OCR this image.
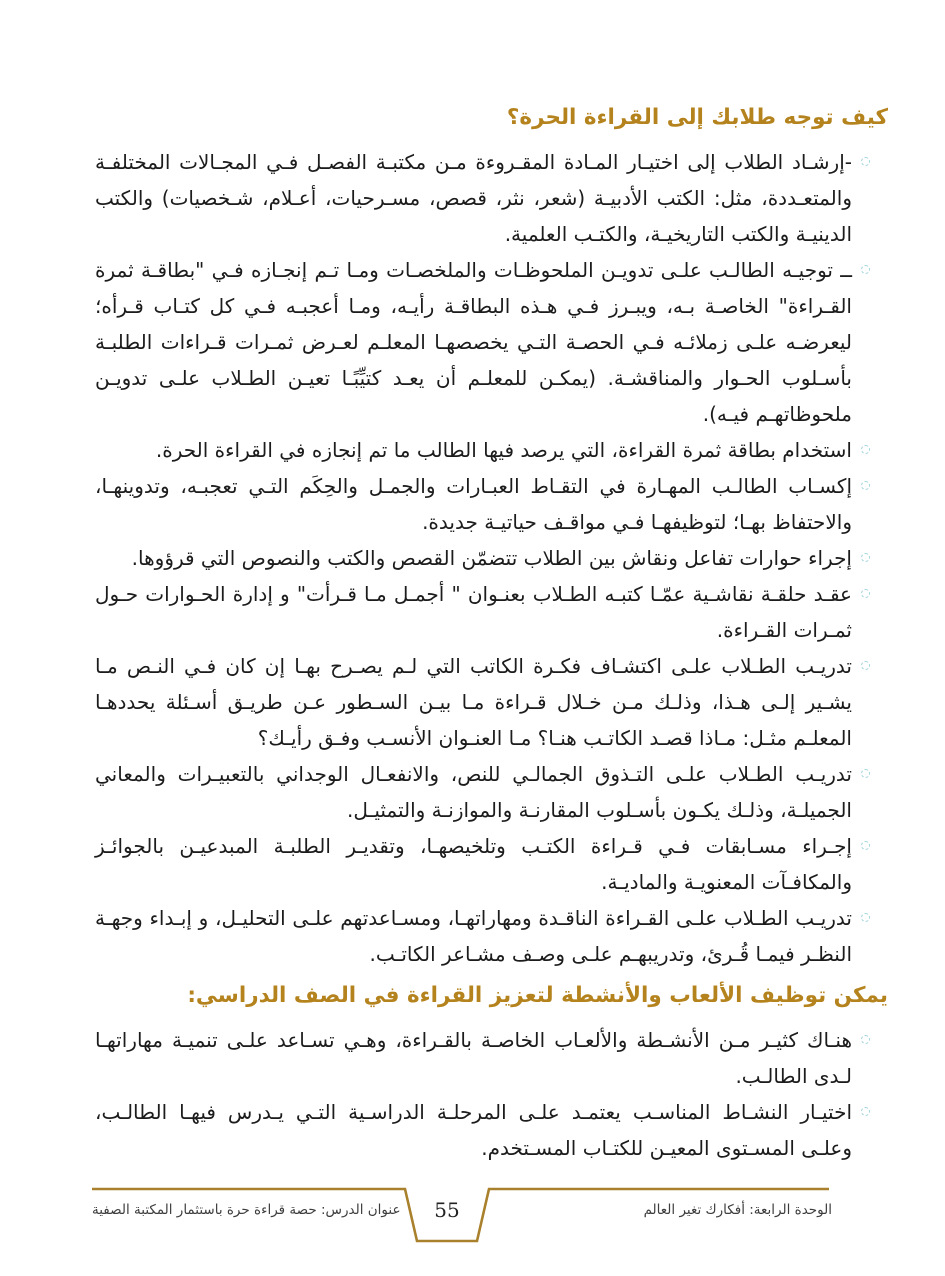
كيف توجه طلابك إلى القراءة الحرة؟
-إرشـاد الطلاب إلى اختيـار المـادة المقـروءة مـن مكتبـة الفصـل فـي المجـالات المختلفـة والمتعـددة، مثل: الكتب الأدبيـة (شعر، نثر، قصص، مسـرحيات، أعـلام، شـخصيات) والكتب الدينيـة والكتب التاريخيـة، والكتـب العلمية.
ــ توجيـه الطالـب علـى تدويـن الملحوظـات والملخصـات ومـا تـم إنجـازه فـي "بطاقـة ثمرة القـراءة" الخاصـة بـه، ويبـرز فـي هـذه البطاقـة رأيـه، ومـا أعجبـه فـي كل كتـاب قـرأه؛ ليعرضـه علـى زملائـه فـي الحصـة التـي يخصصهـا المعلـم لعـرض ثمـرات قـراءات الطلبـة بأسـلوب الحـوار والمناقشـة. (يمكـن للمعلـم أن يعـد كتيِّبًـا تعيـن الطـلاب علـى تدويـن ملحوظاتهـم فيـه).
استخدام بطاقة ثمرة القراءة، التي يرصد فيها الطالب ما تم إنجازه في القراءة الحرة.
إكسـاب الطالـب المهـارة في التقـاط العبـارات والجمـل والحِكَم التـي تعجبـه، وتدوينهـا، والاحتفاظ بهـا؛ لتوظيفهـا فـي مواقـف حياتيـة جديدة.
إجراء حوارات تفاعل ونقاش بين الطلاب تتضمّن القصص والكتب والنصوص التي قرؤوها.
عقـد حلقـة نقاشـية عمّـا كتبـه الطـلاب بعنـوان " أجمـل مـا قـرأت" و إدارة الحـوارات حـول ثمـرات القـراءة.
تدريـب الطـلاب علـى اكتشـاف فكـرة الكاتب التي لـم يصـرح بهـا إن كان فـي النـص مـا يشـير إلـى هـذا، وذلـك مـن خـلال قـراءة مـا بيـن السـطور عـن طريـق أسـئلة يحددهـا المعلـم مثـل: مـاذا قصـد الكاتـب هنـا؟ مـا العنـوان الأنسـب وفـق رأيـك؟
تدريـب الطـلاب علـى التـذوق الجمالـي للنص، والانفعـال الوجداني بالتعبيـرات والمعاني الجميلـة، وذلـك يكـون بأسـلوب المقارنـة والموازنـة والتمثيـل.
إجـراء مسـابقات فـي قـراءة الكتـب وتلخيصهـا، وتقديـر الطلبـة المبدعيـن بالجوائـز والمكافـآت المعنويـة والماديـة.
تدريـب الطـلاب علـى القـراءة الناقـدة ومهاراتهـا، ومسـاعدتهم علـى التحليـل، و إبـداء وجهـة النظـر فيمـا قُـرئ، وتدريبهـم علـى وصـف مشـاعر الكاتـب.
يمكن توظيف الألعاب والأنشطة لتعزيز القراءة في الصف الدراسي:
هنـاك كثيـر مـن الأنشـطة والألعـاب الخاصـة بالقـراءة، وهـي تسـاعد علـى تنميـة مهاراتهـا لـدى الطالـب.
اختيـار النشـاط المناسـب يعتمـد علـى المرحلـة الدراسـية التـي يـدرس فيهـا الطالـب، وعلـى المسـتوى المعيـن للكتـاب المسـتخدم.
55
عنوان الدرس: حصة قراءة حرة باستثمار المكتبة الصفية	الوحدة الرابعة: أفكارك تغير العالم
